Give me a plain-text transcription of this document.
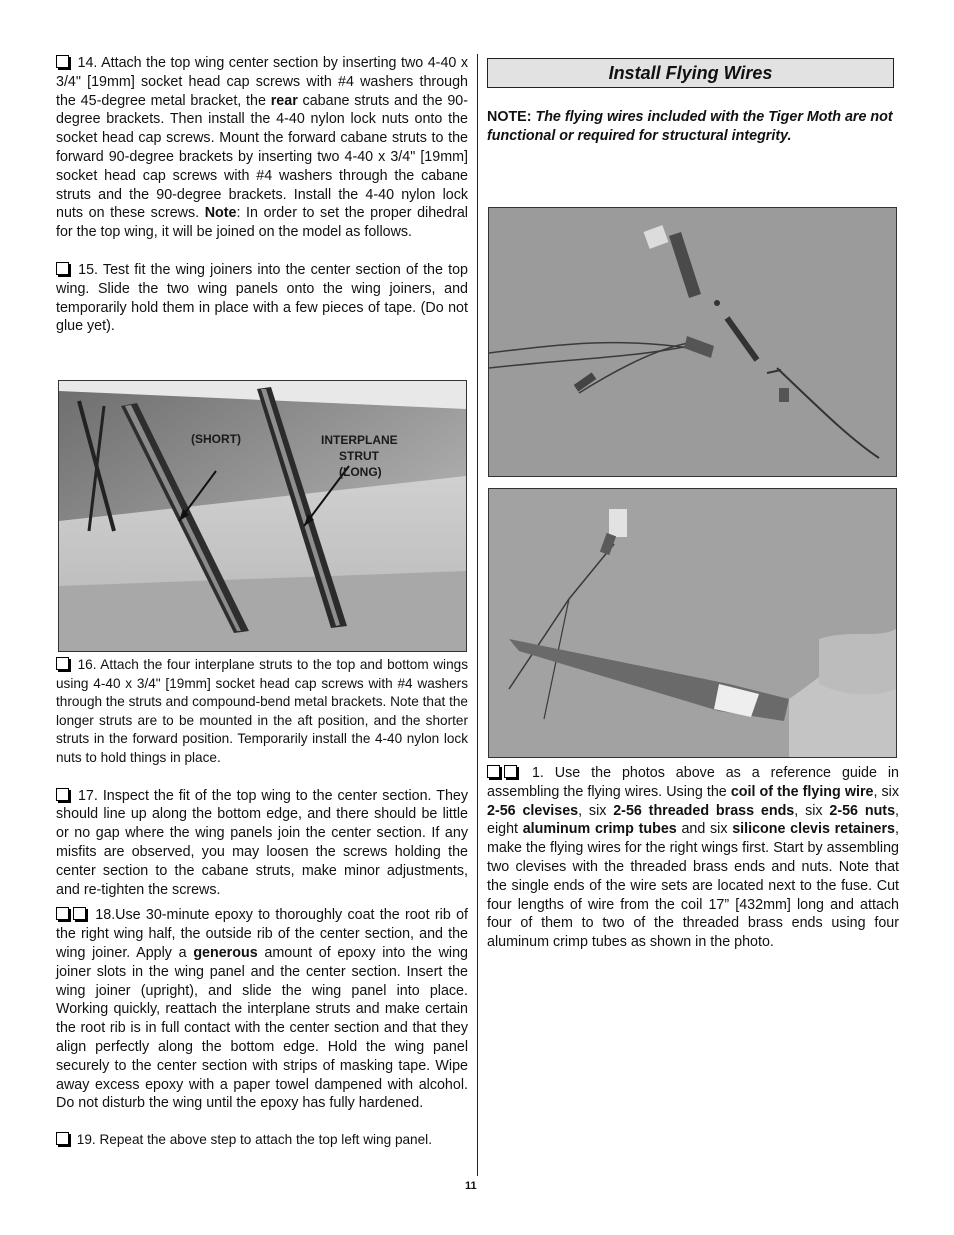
14. Attach the top wing center section by inserting two 4-40 x 3/4" [19mm] socket head cap screws with #4 washers through the 45-degree metal bracket, the rear cabane struts and the 90-degree brackets. Then install the 4-40 nylon lock nuts onto the socket head cap screws. Mount the forward cabane struts to the forward 90-degree brackets by inserting two 4-40 x 3/4" [19mm] socket head cap screws with #4 washers through the cabane struts and the 90-degree brackets. Install the 4-40 nylon lock nuts on these screws. Note: In order to set the proper dihedral for the top wing, it will be joined on the model as follows.

15. Test fit the wing joiners into the center section of the top wing. Slide the two wing panels onto the wing joiners, and temporarily hold them in place with a few pieces of tape. (Do not glue yet).

(SHORT)	INTERPLANE
STRUT
(LONG)

16. Attach the four interplane struts to the top and bottom wings using 4-40 x 3/4" [19mm] socket head cap screws with #4 washers through the struts and compound-bend metal brackets. Note that the longer struts are to be mounted in the aft position, and the shorter struts in the forward position. Temporarily install the 4-40 nylon lock nuts to hold things in place.

17. Inspect the fit of the top wing to the center section. They should line up along the bottom edge, and there should be little or no gap where the wing panels join the center section. If any misfits are observed, you may loosen the screws holding the center section to the cabane struts, make minor adjustments, and re-tighten the screws.

18.Use 30-minute epoxy to thoroughly coat the root rib of the right wing half, the outside rib of the center section, and the wing joiner. Apply a generous amount of epoxy into the wing joiner slots in the wing panel and the center section. Insert the wing joiner (upright), and slide the wing panel into place. Working quickly, reattach the interplane struts and make certain the root rib is in full contact with the center section and that they align perfectly along the bottom edge. Hold the wing panel securely to the center section with strips of masking tape. Wipe away excess epoxy with a paper towel dampened with alcohol. Do not disturb the wing until the epoxy has fully hardened.

19. Repeat the above step to attach the top left wing panel.

Install Flying Wires
NOTE: The flying wires included with the Tiger Moth are not functional or required for structural integrity.

1. Use the photos above as a reference guide in assembling the flying wires. Using the coil of the flying wire, six 2-56 clevises, six 2-56 threaded brass ends, six 2-56 nuts, eight aluminum crimp tubes and six silicone clevis retainers, make the flying wires for the right wings first. Start by assembling two clevises with the threaded brass ends and nuts. Note that the single ends of the wire sets are located next to the fuse. Cut four lengths of wire from the coil 17” [432mm] long and attach four of them to two of the threaded brass ends using four aluminum crimp tubes as shown in the photo.

11
